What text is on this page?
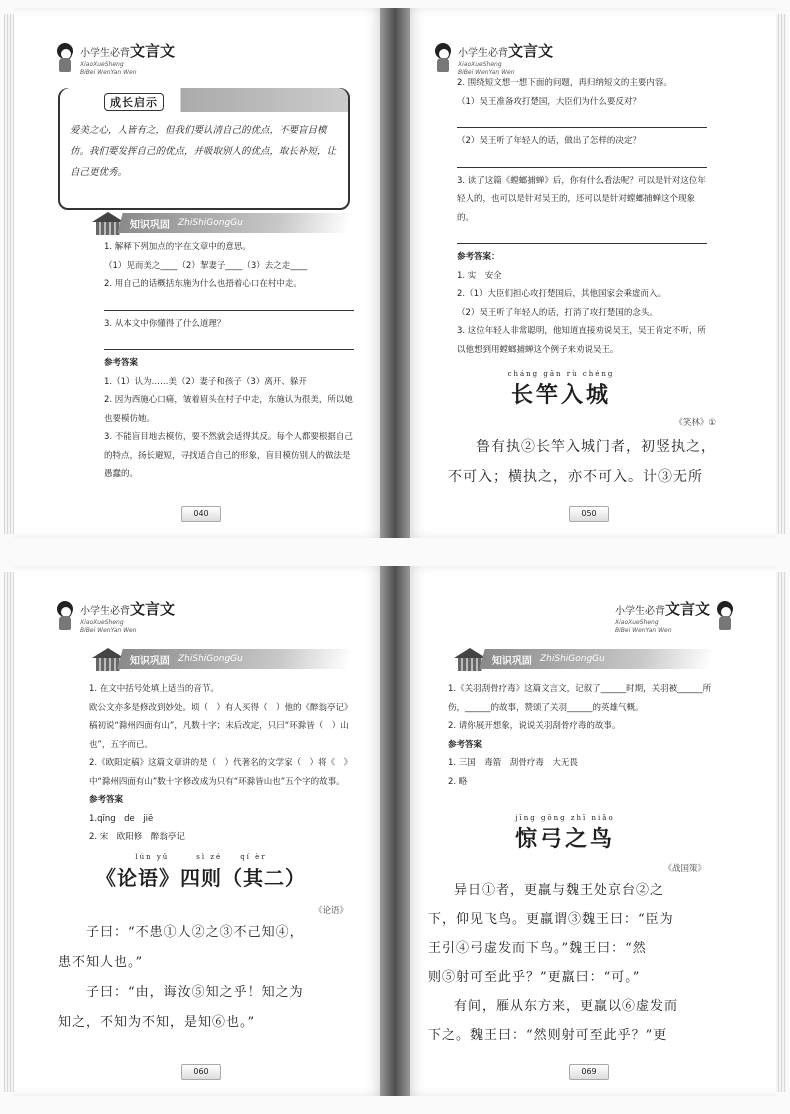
小学生必背文言文
XiaoXueSheng
BiBei WenYan Wen
成长启示
爱美之心，人皆有之，但我们要认清自己的优点，不要盲目模仿。我们要发挥自己的优点，并吸取别人的优点，取长补短，让自己更优秀。
知识巩固 ZhiShiGongGu

1. 解释下列加点的字在文章中的意思。

（1）见而美之____（2）挈妻子____（3）去之走____

2. 用自己的话概括东施为什么也捂着心口在村中走。

3. 从本文中你懂得了什么道理？

参考答案

1.（1）认为……美（2）妻子和孩子（3）离开、躲开

2. 因为西施心口痛，皱着眉头在村子中走，东施认为很美，所以她也要模仿她。

3. 不能盲目地去模仿，要不然就会适得其反。每个人都要根据自己的特点，扬长避短，寻找适合自己的形象，盲目模仿别人的做法是愚蠢的。

040
小学生必背文言文
XiaoXueSheng
BiBei WenYan Wen

2. 围绕短文想一想下面的问题，再归纳短文的主要内容。

（1）吴王准备攻打楚国，大臣们为什么要反对？

（2）吴王听了年轻人的话，做出了怎样的决定？

3. 读了这篇《螳螂捕蝉》后，你有什么看法呢？可以是针对这位年轻人的，也可以是针对吴王的，还可以是针对螳螂捕蝉这个现象的。

参考答案：

1. 实　安全

2.（1）大臣们担心攻打楚国后，其他国家会乘虚而入。

（2）吴王听了年轻人的话，打消了攻打楚国的念头。

3. 这位年轻人非常聪明，他知道直接劝说吴王，吴王肯定不听，所以他想到用螳螂捕蝉这个例子来劝说吴王。

cháng gān rù chéng
长竿入城
《笑林》①

鲁有执②长竿入城门者，初竖执之，

不可入；横执之，亦不可入。计③无所

050
小学生必背文言文
XiaoXueSheng
BiBei WenYan Wen
知识巩固 ZhiShiGongGu

1. 在文中括号处填上适当的音节。

欧公文亦多是修改到妙处。顷（　）有人买得（　）他的《醉翁亭记》稿初说“滁州四面有山”，凡数十字；末后改定，只曰“环滁皆（　）山也”，五字而已。

2.《欧阳定稿》这篇文章讲的是（　）代著名的文学家（　）将《　》中“滁州四面有山”数十字修改成为只有“环滁皆山也”五个字的故事。

参考答案

1.qīng　de　jiē

2. 宋　欧阳修　醉翁亭记

lún yǔ　　　sì zé　　qí èr
《论语》四则（其二）
《论语》

子曰：“不患①人②之③不己知④，

患不知人也。”

子曰：“由，诲汝⑤知之乎！知之为

知之，不知为不知，是知⑥也。”

060
小学生必背文言文
XiaoXueSheng
BiBei WenYan Wen
知识巩固 ZhiShiGongGu

1.《关羽刮骨疗毒》这篇文言文，记叙了______时期，关羽被______所伤，______的故事，赞颂了关羽______的英雄气概。

2. 请你展开想象，说说关羽刮骨疗毒的故事。

参考答案

1. 三国　毒箭　刮骨疗毒　大无畏

2. 略

jīng gōng zhī niǎo
惊弓之鸟
《战国策》

异日①者，更羸与魏王处京台②之

下，仰见飞鸟。更羸谓③魏王曰：“臣为

王引④弓虚发而下鸟。”魏王曰：“然

则⑤射可至此乎？”更羸曰：“可。”

有间，雁从东方来，更羸以⑥虚发而

下之。魏王曰：“然则射可至此乎？”更

069
